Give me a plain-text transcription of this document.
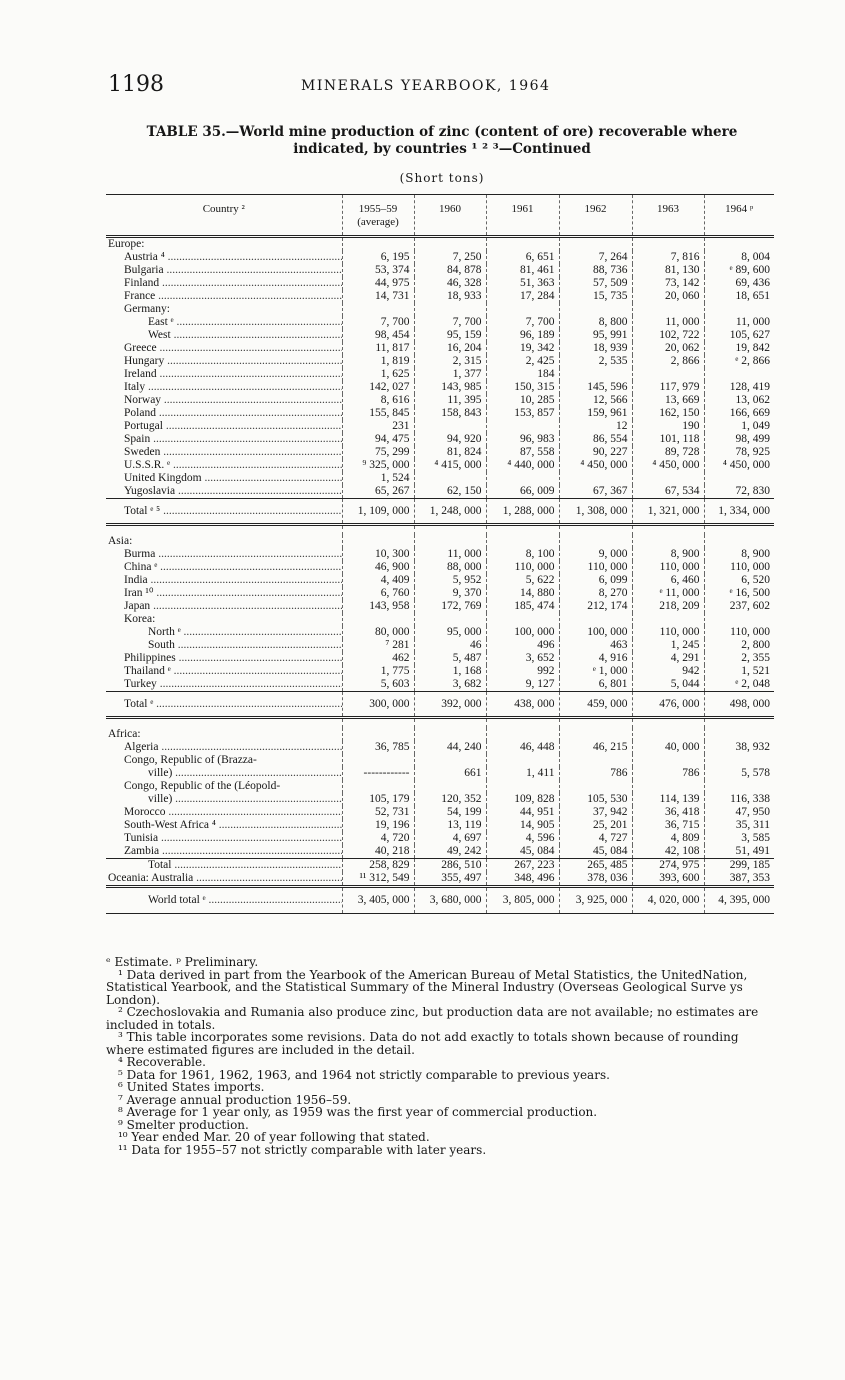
1198	MINERALS YEARBOOK, 1964
TABLE 35.—World mine production of zinc (content of ore) recoverable where
indicated, by countries ¹ ² ³—Continued
(Short tons)
Country ²	1955–59 (average)	1960	1961	1962	1963	1964 ᵖ
Europe:						
Austria ⁴ .....	6, 195	7, 250	6, 651	7, 264	7, 816	8, 004
Bulgaria .....	53, 374	84, 878	81, 461	88, 736	81, 130	ᵉ 89, 600
Finland .....	44, 975	46, 328	51, 363	57, 509	73, 142	69, 436
France .....	14, 731	18, 933	17, 284	15, 735	20, 060	18, 651
Germany:						
East ᵉ .....	7, 700	7, 700	7, 700	8, 800	11, 000	11, 000
West .....	98, 454	95, 159	96, 189	95, 991	102, 722	105, 627
Greece .....	11, 817	16, 204	19, 342	18, 939	20, 062	19, 842
Hungary .....	1, 819	2, 315	2, 425	2, 535	2, 866	ᵉ 2, 866
Ireland .....	1, 625	1, 377	184			
Italy .....	142, 027	143, 985	150, 315	145, 596	117, 979	128, 419
Norway .....	8, 616	11, 395	10, 285	12, 566	13, 669	13, 062
Poland .....	155, 845	158, 843	153, 857	159, 961	162, 150	166, 669
Portugal .....	231			12	190	1, 049
Spain .....	94, 475	94, 920	96, 983	86, 554	101, 118	98, 499
Sweden .....	75, 299	81, 824	87, 558	90, 227	89, 728	78, 925
U.S.S.R. ᵉ .....	⁹ 325, 000	⁴ 415, 000	⁴ 440, 000	⁴ 450, 000	⁴ 450, 000	⁴ 450, 000
United Kingdom .....	1, 524					
Yugoslavia .....	65, 267	62, 150	66, 009	67, 367	67, 534	72, 830
Total ᵉ ⁵ .....	1, 109, 000	1, 248, 000	1, 288, 000	1, 308, 000	1, 321, 000	1, 334, 000

Asia:						
Burma .....	10, 300	11, 000	8, 100	9, 000	8, 900	8, 900
China ᵉ .....	46, 900	88, 000	110, 000	110, 000	110, 000	110, 000
India .....	4, 409	5, 952	5, 622	6, 099	6, 460	6, 520
Iran ¹⁰ .....	6, 760	9, 370	14, 880	8, 270	ᵉ 11, 000	ᵉ 16, 500
Japan .....	143, 958	172, 769	185, 474	212, 174	218, 209	237, 602
Korea:						
North ᵉ .....	80, 000	95, 000	100, 000	100, 000	110, 000	110, 000
South .....	⁷ 281	46	496	463	1, 245	2, 800
Philippines .....	462	5, 487	3, 652	4, 916	4, 291	2, 355
Thailand ᵉ .....	1, 775	1, 168	992	ᵉ 1, 000	942	1, 521
Turkey .....	5, 603	3, 682	9, 127	6, 801	5, 044	ᵉ 2, 048
Total ᵉ .....	300, 000	392, 000	438, 000	459, 000	476, 000	498, 000

Africa:						
Algeria .....	36, 785	44, 240	46, 448	46, 215	40, 000	38, 932
Congo, Republic of (Brazza-						
ville) .....	------------	661	1, 411	786	786	5, 578
Congo, Republic of the (Léopold-						
ville) .....	105, 179	120, 352	109, 828	105, 530	114, 139	116, 338
Morocco .....	52, 731	54, 199	44, 951	37, 942	36, 418	47, 950
South-West Africa ⁴ .....	19, 196	13, 119	14, 905	25, 201	36, 715	35, 311
Tunisia .....	4, 720	4, 697	4, 596	4, 727	4, 809	3, 585
Zambia .....	40, 218	49, 242	45, 084	45, 084	42, 108	51, 491
Total .....	258, 829	286, 510	267, 223	265, 485	274, 975	299, 185
Oceania: Australia .....	¹¹ 312, 549	355, 497	348, 496	378, 036	393, 600	387, 353
World total ᵉ .....	3, 405, 000	3, 680, 000	3, 805, 000	3, 925, 000	4, 020, 000	4, 395, 000

ᵉ Estimate. ᵖ Preliminary.

¹ Data derived in part from the Yearbook of the American Bureau of Metal Statistics, the UnitedNation, Statistical Yearbook, and the Statistical Summary of the Mineral Industry (Overseas Geological Surve ys London).

² Czechoslovakia and Rumania also produce zinc, but production data are not available; no estimates are included in totals.

³ This table incorporates some revisions. Data do not add exactly to totals shown because of rounding where estimated figures are included in the detail.

⁴ Recoverable.

⁵ Data for 1961, 1962, 1963, and 1964 not strictly comparable to previous years.

⁶ United States imports.

⁷ Average annual production 1956–59.

⁸ Average for 1 year only, as 1959 was the first year of commercial production.

⁹ Smelter production.

¹⁰ Year ended Mar. 20 of year following that stated.

¹¹ Data for 1955–57 not strictly comparable with later years.
